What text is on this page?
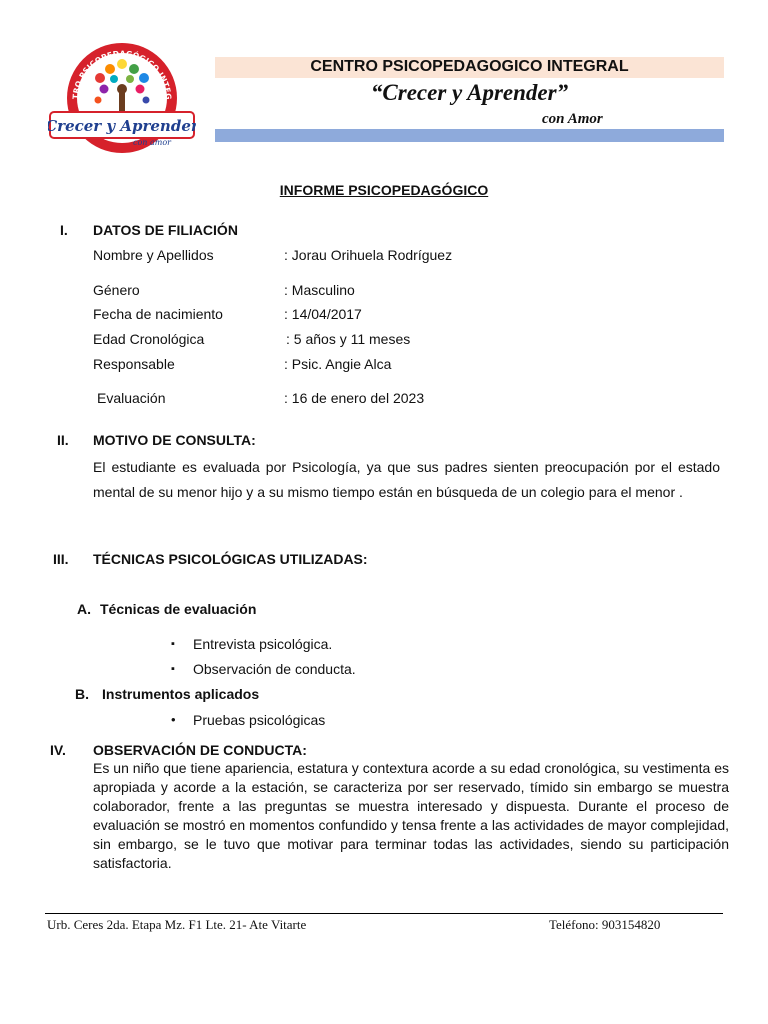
TRO PSICOPEDAGÓGICO INTEG
Crecer y Aprender
con amor
CENTRO PSICOPEDAGOGICO INTEGRAL
“Crecer y Aprender”
con Amor
INFORME PSICOPEDAGÓGICO
I. DATOS DE FILIACIÓN
Nombre y Apellidos	: Jorau Orihuela Rodríguez
Género	: Masculino
Fecha de nacimiento	: 14/04/2017
Edad Cronológica	: 5 años y 11 meses
Responsable	: Psic. Angie Alca
Evaluación	: 16 de enero del 2023
II. MOTIVO DE CONSULTA:
El estudiante es evaluada por Psicología, ya que sus padres sienten preocupación por el estado mental de su menor hijo y a su mismo tiempo están en búsqueda de un colegio para el menor .
III. TÉCNICAS PSICOLÓGICAS UTILIZADAS:
A. Técnicas de evaluación
▪ Entrevista psicológica.
▪ Observación de conducta.
B. Instrumentos aplicados
• Pruebas psicológicas
IV. OBSERVACIÓN DE CONDUCTA:
Es un niño que tiene apariencia, estatura y contextura acorde a su edad cronológica, su vestimenta es apropiada y acorde a la estación, se caracteriza por ser reservado, tímido sin embargo se muestra colaborador, frente a las preguntas se muestra interesado y dispuesta. Durante el proceso de evaluación se mostró en momentos confundido y tensa frente a las actividades de mayor complejidad, sin embargo, se le tuvo que motivar para terminar todas las actividades, siendo su participación satisfactoria.
Urb. Ceres 2da. Etapa Mz. F1 Lte. 21- Ate Vitarte	Teléfono: 903154820
